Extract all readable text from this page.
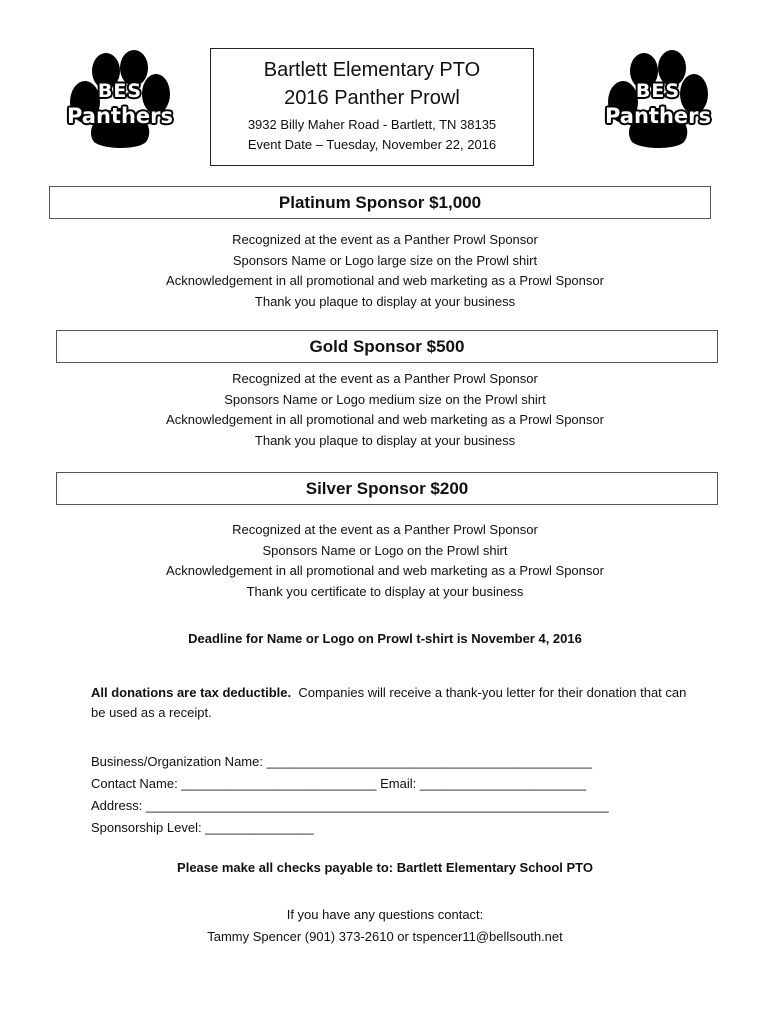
BES
Panthers
BES
Panthers
Bartlett Elementary PTO
2016 Panther Prowl
3932 Billy Maher Road - Bartlett, TN 38135
Event Date – Tuesday, November 22, 2016
Platinum Sponsor $1,000
Recognized at the event as a Panther Prowl Sponsor
Sponsors Name or Logo large size on the Prowl shirt
Acknowledgement in all promotional and web marketing as a Prowl Sponsor
Thank you plaque to display at your business
Gold Sponsor $500
Recognized at the event as a Panther Prowl Sponsor
Sponsors Name or Logo medium size on the Prowl shirt
Acknowledgement in all promotional and web marketing as a Prowl Sponsor
Thank you plaque to display at your business
Silver Sponsor $200
Recognized at the event as a Panther Prowl Sponsor
Sponsors Name or Logo on the Prowl shirt
Acknowledgement in all promotional and web marketing as a Prowl Sponsor
Thank you certificate to display at your business
Deadline for Name or Logo on Prowl t-shirt is November 4, 2016
All donations are tax deductible. Companies will receive a thank-you letter for their donation that can be used as a receipt.
Business/Organization Name: _____________________________________________
Contact Name: ___________________________ Email: _______________________
Address: ________________________________________________________________
Sponsorship Level: _______________
Please make all checks payable to: Bartlett Elementary School PTO
If you have any questions contact:
Tammy Spencer (901) 373-2610 or tspencer11@bellsouth.net
